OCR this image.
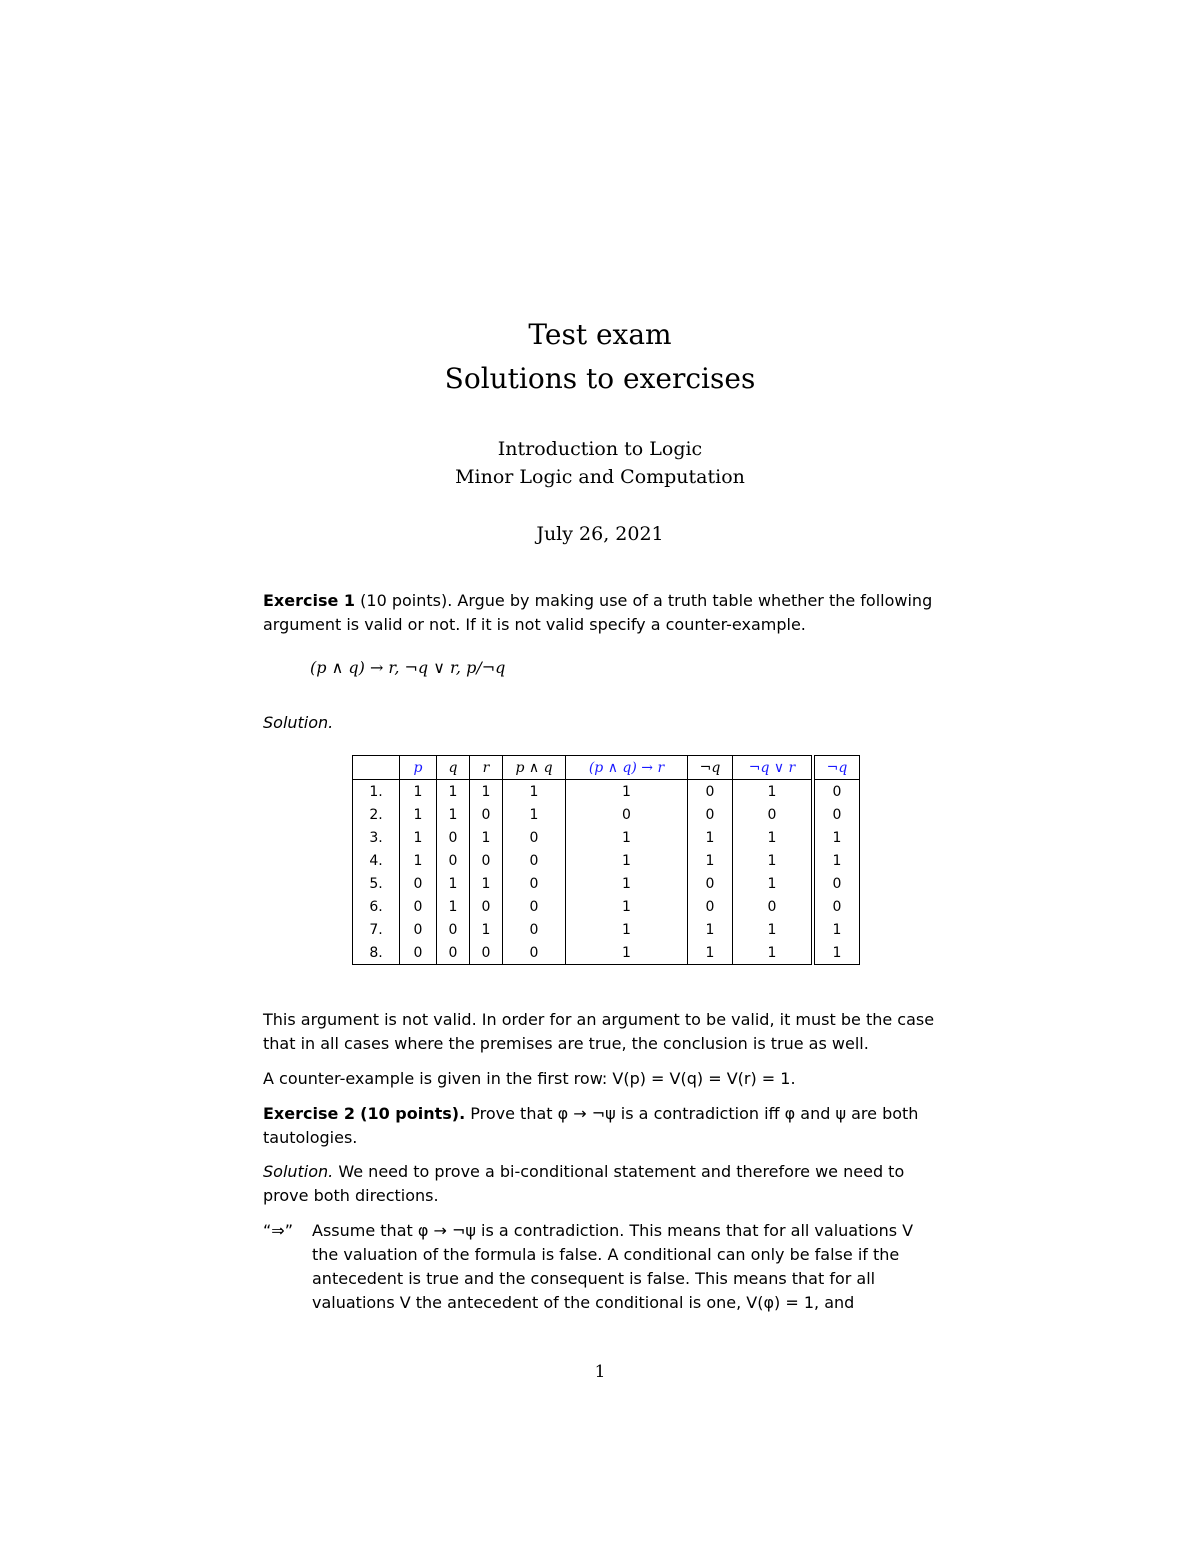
Test exam
Solutions to exercises
Introduction to Logic
Minor Logic and Computation
July 26, 2021
Exercise 1 (10 points). Argue by making use of a truth table whether the following argument is valid or not. If it is not valid specify a counter-example.
(p ∧ q) → r, ¬q ∨ r, p/¬q
Solution.
	p	q	r	p ∧ q	(p ∧ q) → r	¬q	¬q ∨ r	¬q
1.	1	1	1	1	1	0	1	0
2.	1	1	0	1	0	0	0	0
3.	1	0	1	0	1	1	1	1
4.	1	0	0	0	1	1	1	1
5.	0	1	1	0	1	0	1	0
6.	0	1	0	0	1	0	0	0
7.	0	0	1	0	1	1	1	1
8.	0	0	0	0	1	1	1	1
This argument is not valid. In order for an argument to be valid, it must be the case that in all cases where the premises are true, the conclusion is true as well.
A counter-example is given in the first row: V(p) = V(q) = V(r) = 1.
Exercise 2 (10 points). Prove that φ → ¬ψ is a contradiction iff φ and ψ are both tautologies.
Solution. We need to prove a bi-conditional statement and therefore we need to prove both directions.
“⇒” Assume that φ → ¬ψ is a contradiction. This means that for all valuations V the valuation of the formula is false. A conditional can only be false if the antecedent is true and the consequent is false. This means that for all valuations V the antecedent of the conditional is one, V(φ) = 1, and
1
